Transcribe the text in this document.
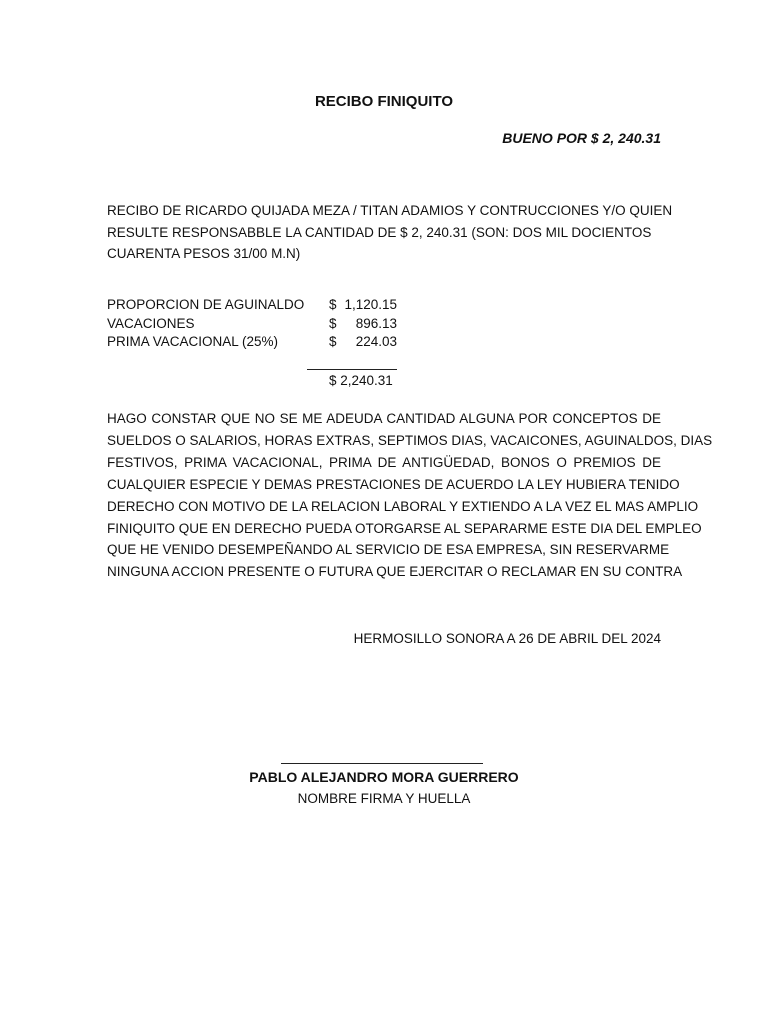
RECIBO FINIQUITO
BUENO POR $ 2, 240.31
RECIBO DE RICARDO QUIJADA MEZA / TITAN ADAMIOS Y CONTRUCCIONES Y/O QUIEN
RESULTE RESPONSABBLE LA CANTIDAD DE $ 2, 240.31 (SON: DOS MIL DOCIENTOS
CUARENTA PESOS 31/00 M.N)
PROPORCION DE AGUINALDO $ 1,120.15
VACACIONES	$	896.13
PRIMA VACACIONAL (25%)	$	224.03
$ 2,240.31
HAGO CONSTAR QUE NO SE ME ADEUDA CANTIDAD ALGUNA POR CONCEPTOS DE
SUELDOS O SALARIOS, HORAS EXTRAS, SEPTIMOS DIAS, VACAICONES, AGUINALDOS, DIAS
FESTIVOS, PRIMA VACACIONAL, PRIMA DE ANTIGÜEDAD, BONOS O PREMIOS DE
CUALQUIER ESPECIE Y DEMAS PRESTACIONES DE ACUERDO LA LEY HUBIERA TENIDO
DERECHO CON MOTIVO DE LA RELACION LABORAL Y EXTIENDO A LA VEZ EL MAS AMPLIO
FINIQUITO QUE EN DERECHO PUEDA OTORGARSE AL SEPARARME ESTE DIA DEL EMPLEO
QUE HE VENIDO DESEMPEÑANDO AL SERVICIO DE ESA EMPRESA, SIN RESERVARME
NINGUNA ACCION PRESENTE O FUTURA QUE EJERCITAR O RECLAMAR EN SU CONTRA
HERMOSILLO SONORA A 26 DE ABRIL DEL 2024
PABLO ALEJANDRO MORA GUERRERO
NOMBRE FIRMA Y HUELLA
